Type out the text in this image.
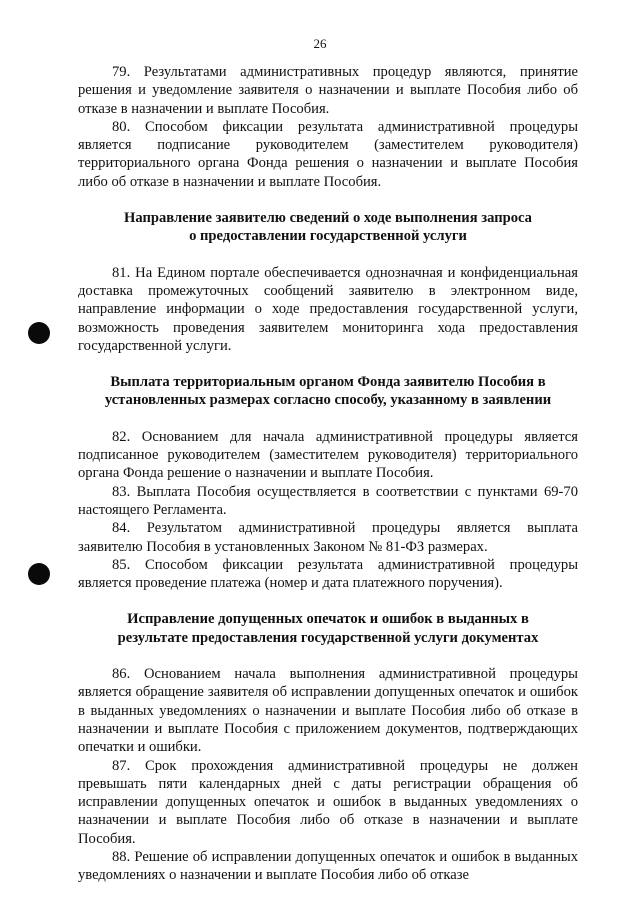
26

79. Результатами административных процедур являются, принятие решения и уведомление заявителя о назначении и выплате Пособия либо об отказе в назначении и выплате Пособия.

80. Способом фиксации результата административной процедуры является подписание руководителем (заместителем руководителя) территориального органа Фонда решения о назначении и выплате Пособия либо об отказе в назначении и выплате Пособия.

Направление заявителю сведений о ходе выполнения запроса
о предоставлении государственной услуги

81. На Едином портале обеспечивается однозначная и конфиденциальная доставка промежуточных сообщений заявителю в электронном виде, направление информации о ходе предоставления государственной услуги, возможность проведения заявителем мониторинга хода предоставления государственной услуги.

Выплата территориальным органом Фонда заявителю Пособия в
установленных размерах согласно способу, указанному в заявлении

82. Основанием для начала административной процедуры является подписанное руководителем (заместителем руководителя) территориального органа Фонда решение о назначении и выплате Пособия.

83. Выплата Пособия осуществляется в соответствии с пунктами 69-70 настоящего Регламента.

84. Результатом административной процедуры является выплата заявителю Пособия в установленных Законом № 81-ФЗ размерах.

85. Способом фиксации результата административной процедуры является проведение платежа (номер и дата платежного поручения).

Исправление допущенных опечаток и ошибок в выданных в
результате предоставления государственной услуги документах

86. Основанием начала выполнения административной процедуры является обращение заявителя об исправлении допущенных опечаток и ошибок в выданных уведомлениях о назначении и выплате Пособия либо об отказе в назначении и выплате Пособия с приложением документов, подтверждающих опечатки и ошибки.

87. Срок прохождения административной процедуры не должен превышать пяти календарных дней с даты регистрации обращения об исправлении допущенных опечаток и ошибок в выданных уведомлениях о назначении и выплате Пособия либо об отказе в назначении и выплате Пособия.

88. Решение об исправлении допущенных опечаток и ошибок в выданных уведомлениях о назначении и выплате Пособия либо об отказе
